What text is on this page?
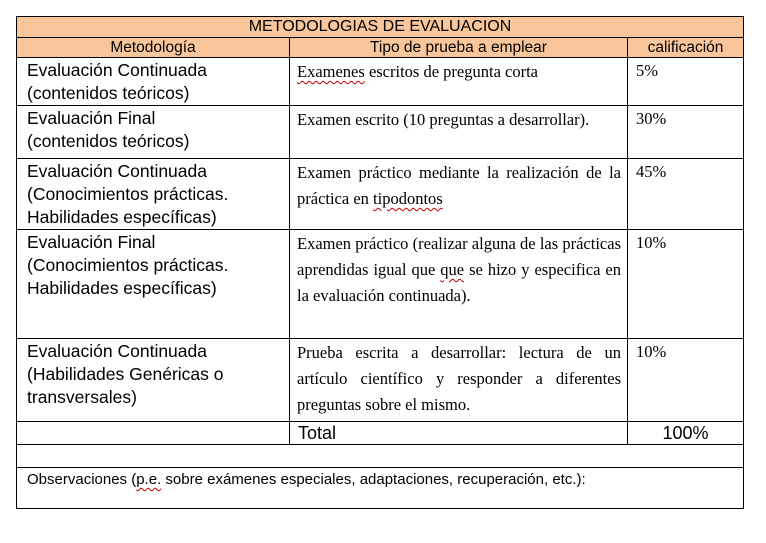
METODOLOGIAS DE EVALUACION		
Metodología	Tipo de prueba a emplear	calificación

Evaluación Continuada
(contenidos teóricos)	Examenes escritos de pregunta corta	5%

Evaluación Final
(contenidos teóricos)	Examen escrito (10 preguntas a desarrollar).	30%

Evaluación Continuada
(Conocimientos prácticas.
Habilidades específicas)	Examen práctico mediante la realización de la práctica en tipodontos	45%

Evaluación Final
(Conocimientos prácticas.
Habilidades específicas)	Examen práctico (realizar alguna de las prácticas aprendidas igual que que se hizo y especifica en la evaluación continuada).	10%

Evaluación Continuada
(Habilidades Genéricas o
transversales)	Prueba escrita a desarrollar: lectura de un artículo científico y responder a diferentes preguntas sobre el mismo.	10%
	Total	100%

Observaciones (p.e. sobre exámenes especiales, adaptaciones, recuperación, etc.):		
